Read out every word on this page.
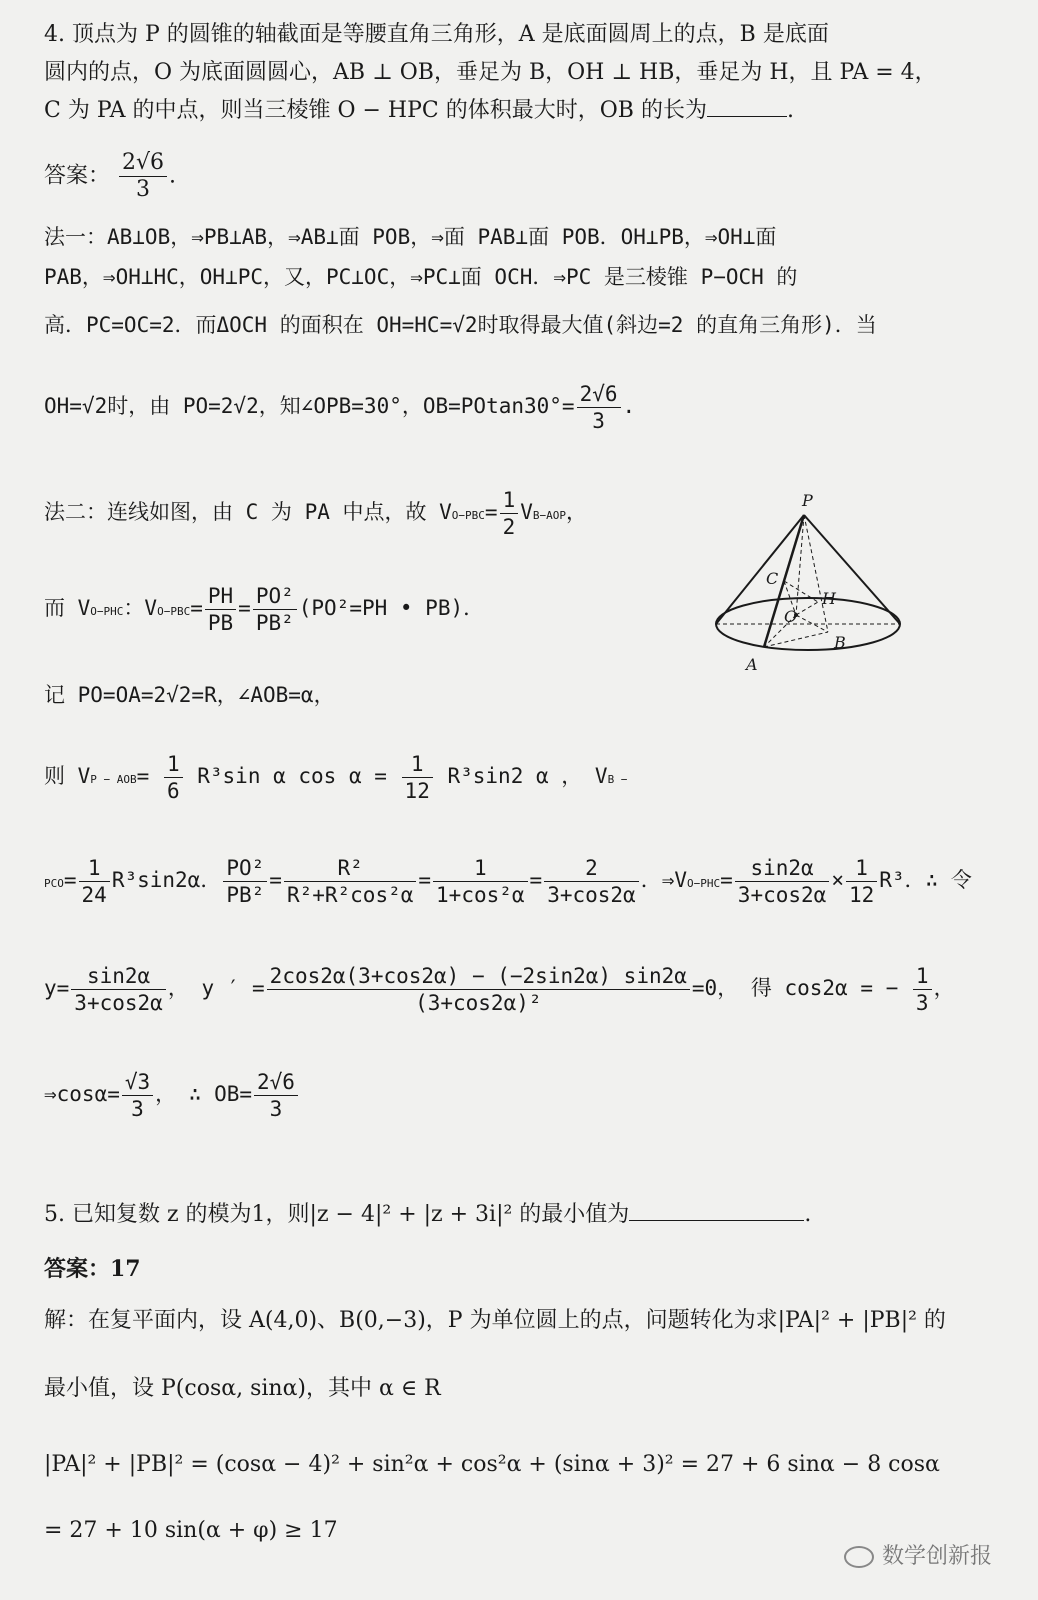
4. 顶点为 P 的圆锥的轴截面是等腰直角三角形，A 是底面圆周上的点，B 是底面
圆内的点，O 为底面圆圆心，AB ⊥ OB，垂足为 B，OH ⊥ HB，垂足为 H，且 PA = 4，
C 为 PA 的中点，则当三棱锥 O − HPC 的体积最大时，OB 的长为	.
答案： $\frac{2√6}{3}$ .
法一：AB⊥OB，⇒PB⊥AB，⇒AB⊥面 POB，⇒面 PAB⊥面 POB．OH⊥PB，⇒OH⊥面
PAB，⇒OH⊥HC，OH⊥PC，又，PC⊥OC，⇒PC⊥面 OCH．⇒PC 是三棱锥 P−OCH 的
高．PC=OC=2．而ΔOCH 的面积在 OH=HC=√2时取得最大值(斜边=2 的直角三角形)．当
OH=√2时，由 PO=2√2，知∠OPB=30°，$OB=POtan30^\circ= \frac{2√6}{3}$ .
法二：连线如图，由 C 为 PA 中点，故 $VO-PBC= \frac{1}{2} VB-AOP$，
而 VO−PHC：$VO-PBC= \frac{PH}{PB} = \frac{\text{PO²}}{\text{PB²}} (PO^2=PH$ • PB)．
记 PO=OA=2√2=R，∠AOB=α，
则 VP − $AOB= \frac{1}{6} R^3\sin$ α $\cos \alpha = \frac{1}{12} R^3\sin 2$ α ， VB −
$PCO= \frac{1}{24} R^3\sin 2\alpha$． $\frac{\text{PO²}}{\text{PB²}} = \frac{\text{R²}}{\text{R²+R²cos²α}} = \frac{1}{\text{1+cos²α}} = \frac{2}{3+\cos 2\alpha}$ ．⇒VO−PHC= $\frac{\sin 2\alpha}{3+\cos 2\alpha} \times \frac{1}{12} R^3$．∴ 令
$y= \frac{\sin 2\alpha}{3+\cos 2\alpha}$ ， y ′ = $\frac{2\cos 2\alpha(3+\cos 2\alpha) - (-2\sin 2\alpha) \sin 2\alpha}{\text{(3+cos2α)²}} =0$， 得 cos2α = − $\frac{1}{3}$ ，
⇒cosα= $\frac{√3}{3}$ ， ∴ $OB= \frac{2√6}{3}$
P
C
O
H
B
A
5. 已知复数 z 的模为1，则|z − 4|² + |z + 3i|² 的最小值为	.
答案：17
解：在复平面内，设 A(4,0)、B(0,−3)，P 为单位圆上的点，问题转化为求|PA|² + |PB|² 的
最小值，设 P(cosα, sinα)，其中 α ∈ R
|PA|² + |PB|² = (cosα − 4)² + sin²α + cos²α + (sinα + 3)² = 27 + 6 sinα − 8 cosα
= 27 + 10 sin(α + φ) ≥ 17
数学创新报
